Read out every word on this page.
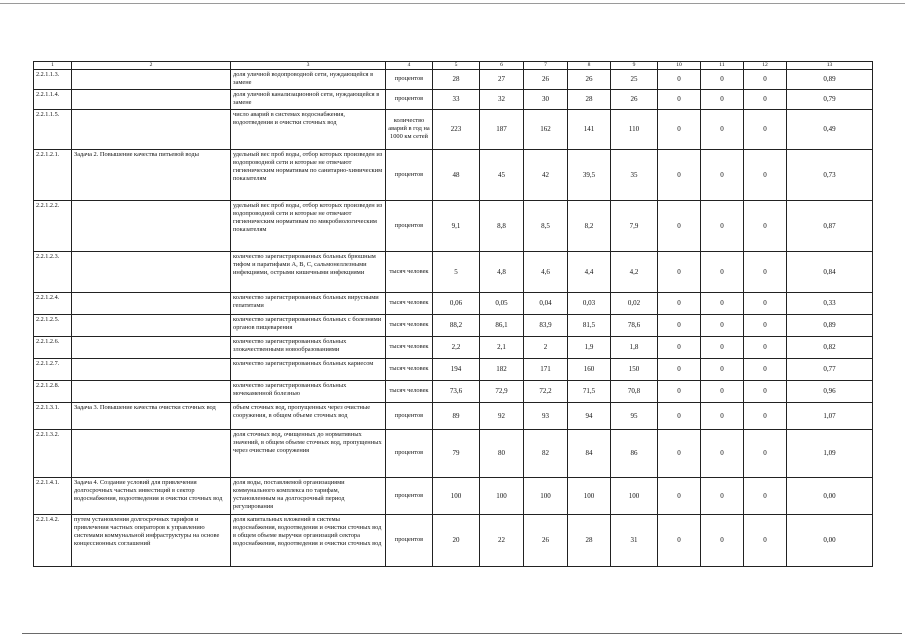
1	2	3	4	5	6	7	8	9	10	11	12	13
2.2.1.1.3.		доля уличной водопроводной сети, нуждающейся в замене	процентов	28	27	26	26	25	0	0	0	0,89
2.2.1.1.4.		доля уличной канализационной сети, нуждающейся в замене	процентов	33	32	30	28	26	0	0	0	0,79
2.2.1.1.5.		число аварий в системах водоснабжения, водоотведения и очистки сточных вод	количество аварий в год на 1000 км сетей	223	187	162	141	110	0	0	0	0,49
2.2.1.2.1.	Задача 2. Повышение качества питьевой воды	удельный вес проб воды, отбор которых произведен из водопроводной сети и которые не отвечают гигиеническим нормативам по санитарно-химическим показателям	процентов	48	45	42	39,5	35	0	0	0	0,73
2.2.1.2.2.		удельный вес проб воды, отбор которых произведен из водопроводной сети и которые не отвечают гигиеническим нормативам по микробиологическим показателям	процентов	9,1	8,8	8,5	8,2	7,9	0	0	0	0,87
2.2.1.2.3.		количество зарегистрированных больных брюшным тифом и паратифами А, В, С, сальмонеллезными инфекциями, острыми кишечными инфекциями	тысяч человек	5	4,8	4,6	4,4	4,2	0	0	0	0,84
2.2.1.2.4.		количество зарегистрированных больных вирусными гепатитами	тысяч человек	0,06	0,05	0,04	0,03	0,02	0	0	0	0,33
2.2.1.2.5.		количество зарегистрированных больных с болезнями органов пищеварения	тысяч человек	88,2	86,1	83,9	81,5	78,6	0	0	0	0,89
2.2.1.2.6.		количество зарегистрированных больных злокачественными новообразованиями	тысяч человек	2,2	2,1	2	1,9	1,8	0	0	0	0,82
2.2.1.2.7.		количество зарегистрированных больных кариесом	тысяч человек	194	182	171	160	150	0	0	0	0,77
2.2.1.2.8.		количество зарегистрированных больных мочекаменной болезнью	тысяч человек	73,6	72,9	72,2	71,5	70,8	0	0	0	0,96
2.2.1.3.1.	Задача 3. Повышение качества очистки сточных вод	объем сточных вод, пропущенных через очистные сооружения, в общем объеме сточных вод	процентов	89	92	93	94	95	0	0	0	1,07
2.2.1.3.2.		доля сточных вод, очищенных до нормативных значений, в общем объеме сточных вод, пропущенных через очистные сооружения	процентов	79	80	82	84	86	0	0	0	1,09
2.2.1.4.1.	Задача 4. Создание условий для привлечения долгосрочных частных инвестиций в сектор водоснабжения, водоотведения и очистки сточных вод	доля воды, поставляемой организациями коммунального комплекса по тарифам, установленным на долгосрочный период регулирования	процентов	100	100	100	100	100	0	0	0	0,00
2.2.1.4.2.	путем установления долгосрочных тарифов и привлечения частных операторов к управлению системами коммунальной инфраструктуры на основе концессионных соглашений	доля капитальных вложений в системы водоснабжения, водоотведения и очистки сточных вод в общем объеме выручки организаций сектора водоснабжения, водоотведения и очистки сточных вод	процентов	20	22	26	28	31	0	0	0	0,00
